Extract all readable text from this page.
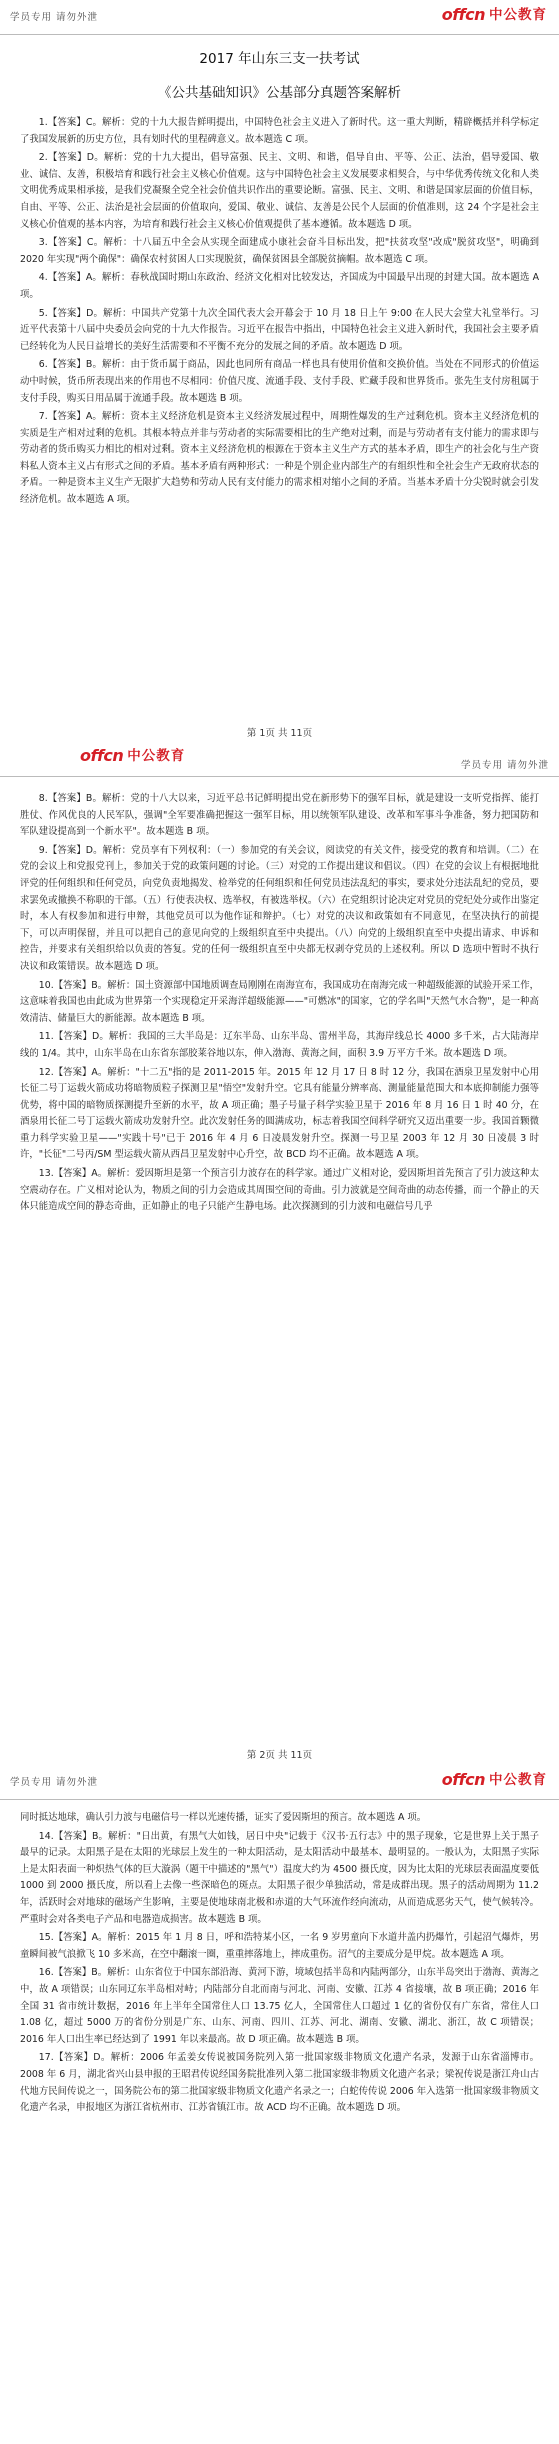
学员专用 请勿外泄	offcn 中公教育
2017 年山东三支一扶考试
《公共基础知识》公基部分真题答案解析

1.【答案】C。解析：党的十九大报告鲜明提出，中国特色社会主义进入了新时代。这一重大判断，精辟概括并科学标定了我国发展新的历史方位，具有划时代的里程碑意义。故本题选 C 项。

2.【答案】D。解析：党的十九大提出，倡导富强、民主、文明、和谐，倡导自由、平等、公正、法治，倡导爱国、敬业、诚信、友善，积极培育和践行社会主义核心价值观。这与中国特色社会主义发展要求相契合，与中华优秀传统文化和人类文明优秀成果相承接，是我们党凝聚全党全社会价值共识作出的重要论断。富强、民主、文明、和谐是国家层面的价值目标，自由、平等、公正、法治是社会层面的价值取向，爱国、敬业、诚信、友善是公民个人层面的价值准则，这 24 个字是社会主义核心价值观的基本内容，为培育和践行社会主义核心价值观提供了基本遵循。故本题选 D 项。

3.【答案】C。解析：十八届五中全会从实现全面建成小康社会奋斗目标出发，把"扶贫攻坚"改成"脱贫攻坚"，明确到 2020 年实现"两个确保"：确保农村贫困人口实现脱贫，确保贫困县全部脱贫摘帽。故本题选 C 项。

4.【答案】A。解析：春秋战国时期山东政治、经济文化相对比较发达，齐国成为中国最早出现的封建大国。故本题选 A 项。

5.【答案】D。解析：中国共产党第十九次全国代表大会开幕会于 10 月 18 日上午 9:00 在人民大会堂大礼堂举行。习近平代表第十八届中央委员会向党的十九大作报告。习近平在报告中指出，中国特色社会主义进入新时代，我国社会主要矛盾已经转化为人民日益增长的美好生活需要和不平衡不充分的发展之间的矛盾。故本题选 D 项。

6.【答案】B。解析：由于货币属于商品，因此也同所有商品一样也具有使用价值和交换价值。当处在不同形式的价值运动中时候，货币所表现出来的作用也不尽相同：价值尺度、流通手段、支付手段、贮藏手段和世界货币。张先生支付房租属于支付手段，购买日用品属于流通手段。故本题选 B 项。

7.【答案】A。解析：资本主义经济危机是资本主义经济发展过程中，周期性爆发的生产过剩危机。资本主义经济危机的实质是生产相对过剩的危机。其根本特点并非与劳动者的实际需要相比的生产绝对过剩，而是与劳动者有支付能力的需求即与劳动者的货币购买力相比的相对过剩。资本主义经济危机的根源在于资本主义生产方式的基本矛盾，即生产的社会化与生产资料私人资本主义占有形式之间的矛盾。基本矛盾有两种形式：一种是个别企业内部生产的有组织性和全社会生产无政府状态的矛盾。一种是资本主义生产无限扩大趋势和劳动人民有支付能力的需求相对缩小之间的矛盾。当基本矛盾十分尖锐时就会引发经济危机。故本题选 A 项。

第 1页 共 11页
offcn 中公教育
学员专用 请勿外泄

8.【答案】B。解析：党的十八大以来，习近平总书记鲜明提出党在新形势下的强军目标，就是建设一支听党指挥、能打胜仗、作风优良的人民军队，强调"全军要准确把握这一强军目标，用以统领军队建设、改革和军事斗争准备，努力把国防和军队建设提高到一个新水平"。故本题选 B 项。

9.【答案】D。解析：党员享有下列权利：（一）参加党的有关会议，阅读党的有关文件，接受党的教育和培训。（二）在党的会议上和党报党刊上，参加关于党的政策问题的讨论。（三）对党的工作提出建议和倡议。（四）在党的会议上有根据地批评党的任何组织和任何党员，向党负责地揭发、检举党的任何组织和任何党员违法乱纪的事实，要求处分违法乱纪的党员，要求罢免或撤换不称职的干部。（五）行使表决权、选举权，有被选举权。（六）在党组织讨论决定对党员的党纪处分或作出鉴定时，本人有权参加和进行申辩，其他党员可以为他作证和辩护。（七）对党的决议和政策如有不同意见，在坚决执行的前提下，可以声明保留，并且可以把自己的意见向党的上级组织直至中央提出。（八）向党的上级组织直至中央提出请求、申诉和控告，并要求有关组织给以负责的答复。党的任何一级组织直至中央都无权剥夺党员的上述权利。所以 D 选项中暂时不执行决议和政策错误。故本题选 D 项。

10.【答案】B。解析：国土资源部中国地质调查局刚刚在南海宣布，我国成功在南海完成一种超级能源的试验开采工作，这意味着我国也由此成为世界第一个实现稳定开采海洋超级能源——"可燃冰"的国家，它的学名叫"天然气水合物"，是一种高效清洁、储量巨大的新能源。故本题选 B 项。

11.【答案】D。解析：我国的三大半岛是：辽东半岛、山东半岛、雷州半岛，其海岸线总长 4000 多千米，占大陆海岸线的 1/4。其中，山东半岛在山东省东部胶莱谷地以东，伸入渤海、黄海之间，面积 3.9 万平方千米。故本题选 D 项。

12.【答案】A。解析："十二五"指的是 2011-2015 年。2015 年 12 月 17 日 8 时 12 分，我国在酒泉卫星发射中心用长征二号丁运载火箭成功将暗物质粒子探测卫星"悟空"发射升空。它具有能量分辨率高、测量能量范围大和本底抑制能力强等优势，将中国的暗物质探测提升至新的水平，故 A 项正确；墨子号量子科学实验卫星于 2016 年 8 月 16 日 1 时 40 分，在酒泉用长征二号丁运载火箭成功发射升空。此次发射任务的圆满成功，标志着我国空间科学研究又迈出重要一步。我国首颗微重力科学实验卫星——"实践十号"已于 2016 年 4 月 6 日凌晨发射升空。探测一号卫星 2003 年 12 月 30 日凌晨 3 时许，"长征"二号丙/SM 型运载火箭从西昌卫星发射中心升空，故 BCD 均不正确。故本题选 A 项。

13.【答案】A。解析：爱因斯坦是第一个预言引力波存在的科学家。通过广义相对论，爱因斯坦首先预言了引力波这种太空震动存在。广义相对论认为，物质之间的引力会造成其周围空间的奇曲。引力波就是空间奇曲的动态传播，而一个静止的天体只能造成空间的静态奇曲，正如静止的电子只能产生静电场。此次探测到的引力波和电磁信号几乎

第 2页 共 11页
学员专用 请勿外泄	offcn 中公教育

同时抵达地球，确认引力波与电磁信号一样以光速传播，证实了爱因斯坦的预言。故本题选 A 项。

14.【答案】B。解析："日出黄，有黑气大如钱，居日中央"记载于《汉书·五行志》中的黑子现象，它是世界上关于黑子最早的记录。太阳黑子是在太阳的光球层上发生的一种太阳活动，是太阳活动中最基本、最明显的。一般认为，太阳黑子实际上是太阳表面一种炽热气体的巨大漩涡（题干中描述的"黑气"）温度大约为 4500 摄氏度，因为比太阳的光球层表面温度要低 1000 到 2000 摄氏度，所以看上去像一些深暗色的斑点。太阳黑子很少单独活动，常是成群出现。黑子的活动周期为 11.2 年，活跃时会对地球的磁场产生影响，主要是使地球南北极和赤道的大气环流作经向流动，从而造成恶劣天气，使气候转冷。严重时会对各类电子产品和电器造成损害。故本题选 B 项。

15.【答案】A。解析：2015 年 1 月 8 日，呼和浩特某小区，一名 9 岁男童向下水道井盖内扔爆竹，引起沼气爆炸，男童瞬间被气浪掀飞 10 多米高，在空中翻滚一圈，重重摔落地上，摔成重伤。沼气的主要成分是甲烷。故本题选 A 项。

16.【答案】B。解析：山东省位于中国东部沿海、黄河下游，境域包括半岛和内陆两部分，山东半岛突出于渤海、黄海之中，故 A 项错误；山东同辽东半岛相对峙；内陆部分自北而南与河北、河南、安徽、江苏 4 省接壤，故 B 项正确；2016 年全国 31 省市统计数据，2016 年上半年全国常住人口 13.75 亿人，全国常住人口超过 1 亿的省份仅有广东省，常住人口 1.08 亿，超过 5000 万的省份分别是广东、山东、河南、四川、江苏、河北、湖南、安徽、湖北、浙江，故 C 项错误；2016 年人口出生率已经达到了 1991 年以来最高。故 D 项正确。故本题选 B 项。

17.【答案】D。解析：2006 年孟姜女传说被国务院列入第一批国家级非物质文化遗产名录，发源于山东省淄博市。2008 年 6 月，湖北省兴山县申报的王昭君传说经国务院批准列入第二批国家级非物质文化遗产名录；梁祝传说是浙江舟山古代地方民间传说之一，国务院公布的第二批国家级非物质文化遗产名录之一；白蛇传传说 2006 年入选第一批国家级非物质文化遗产名录，申报地区为浙江省杭州市、江苏省镇江市。故 ACD 均不正确。故本题选 D 项。
